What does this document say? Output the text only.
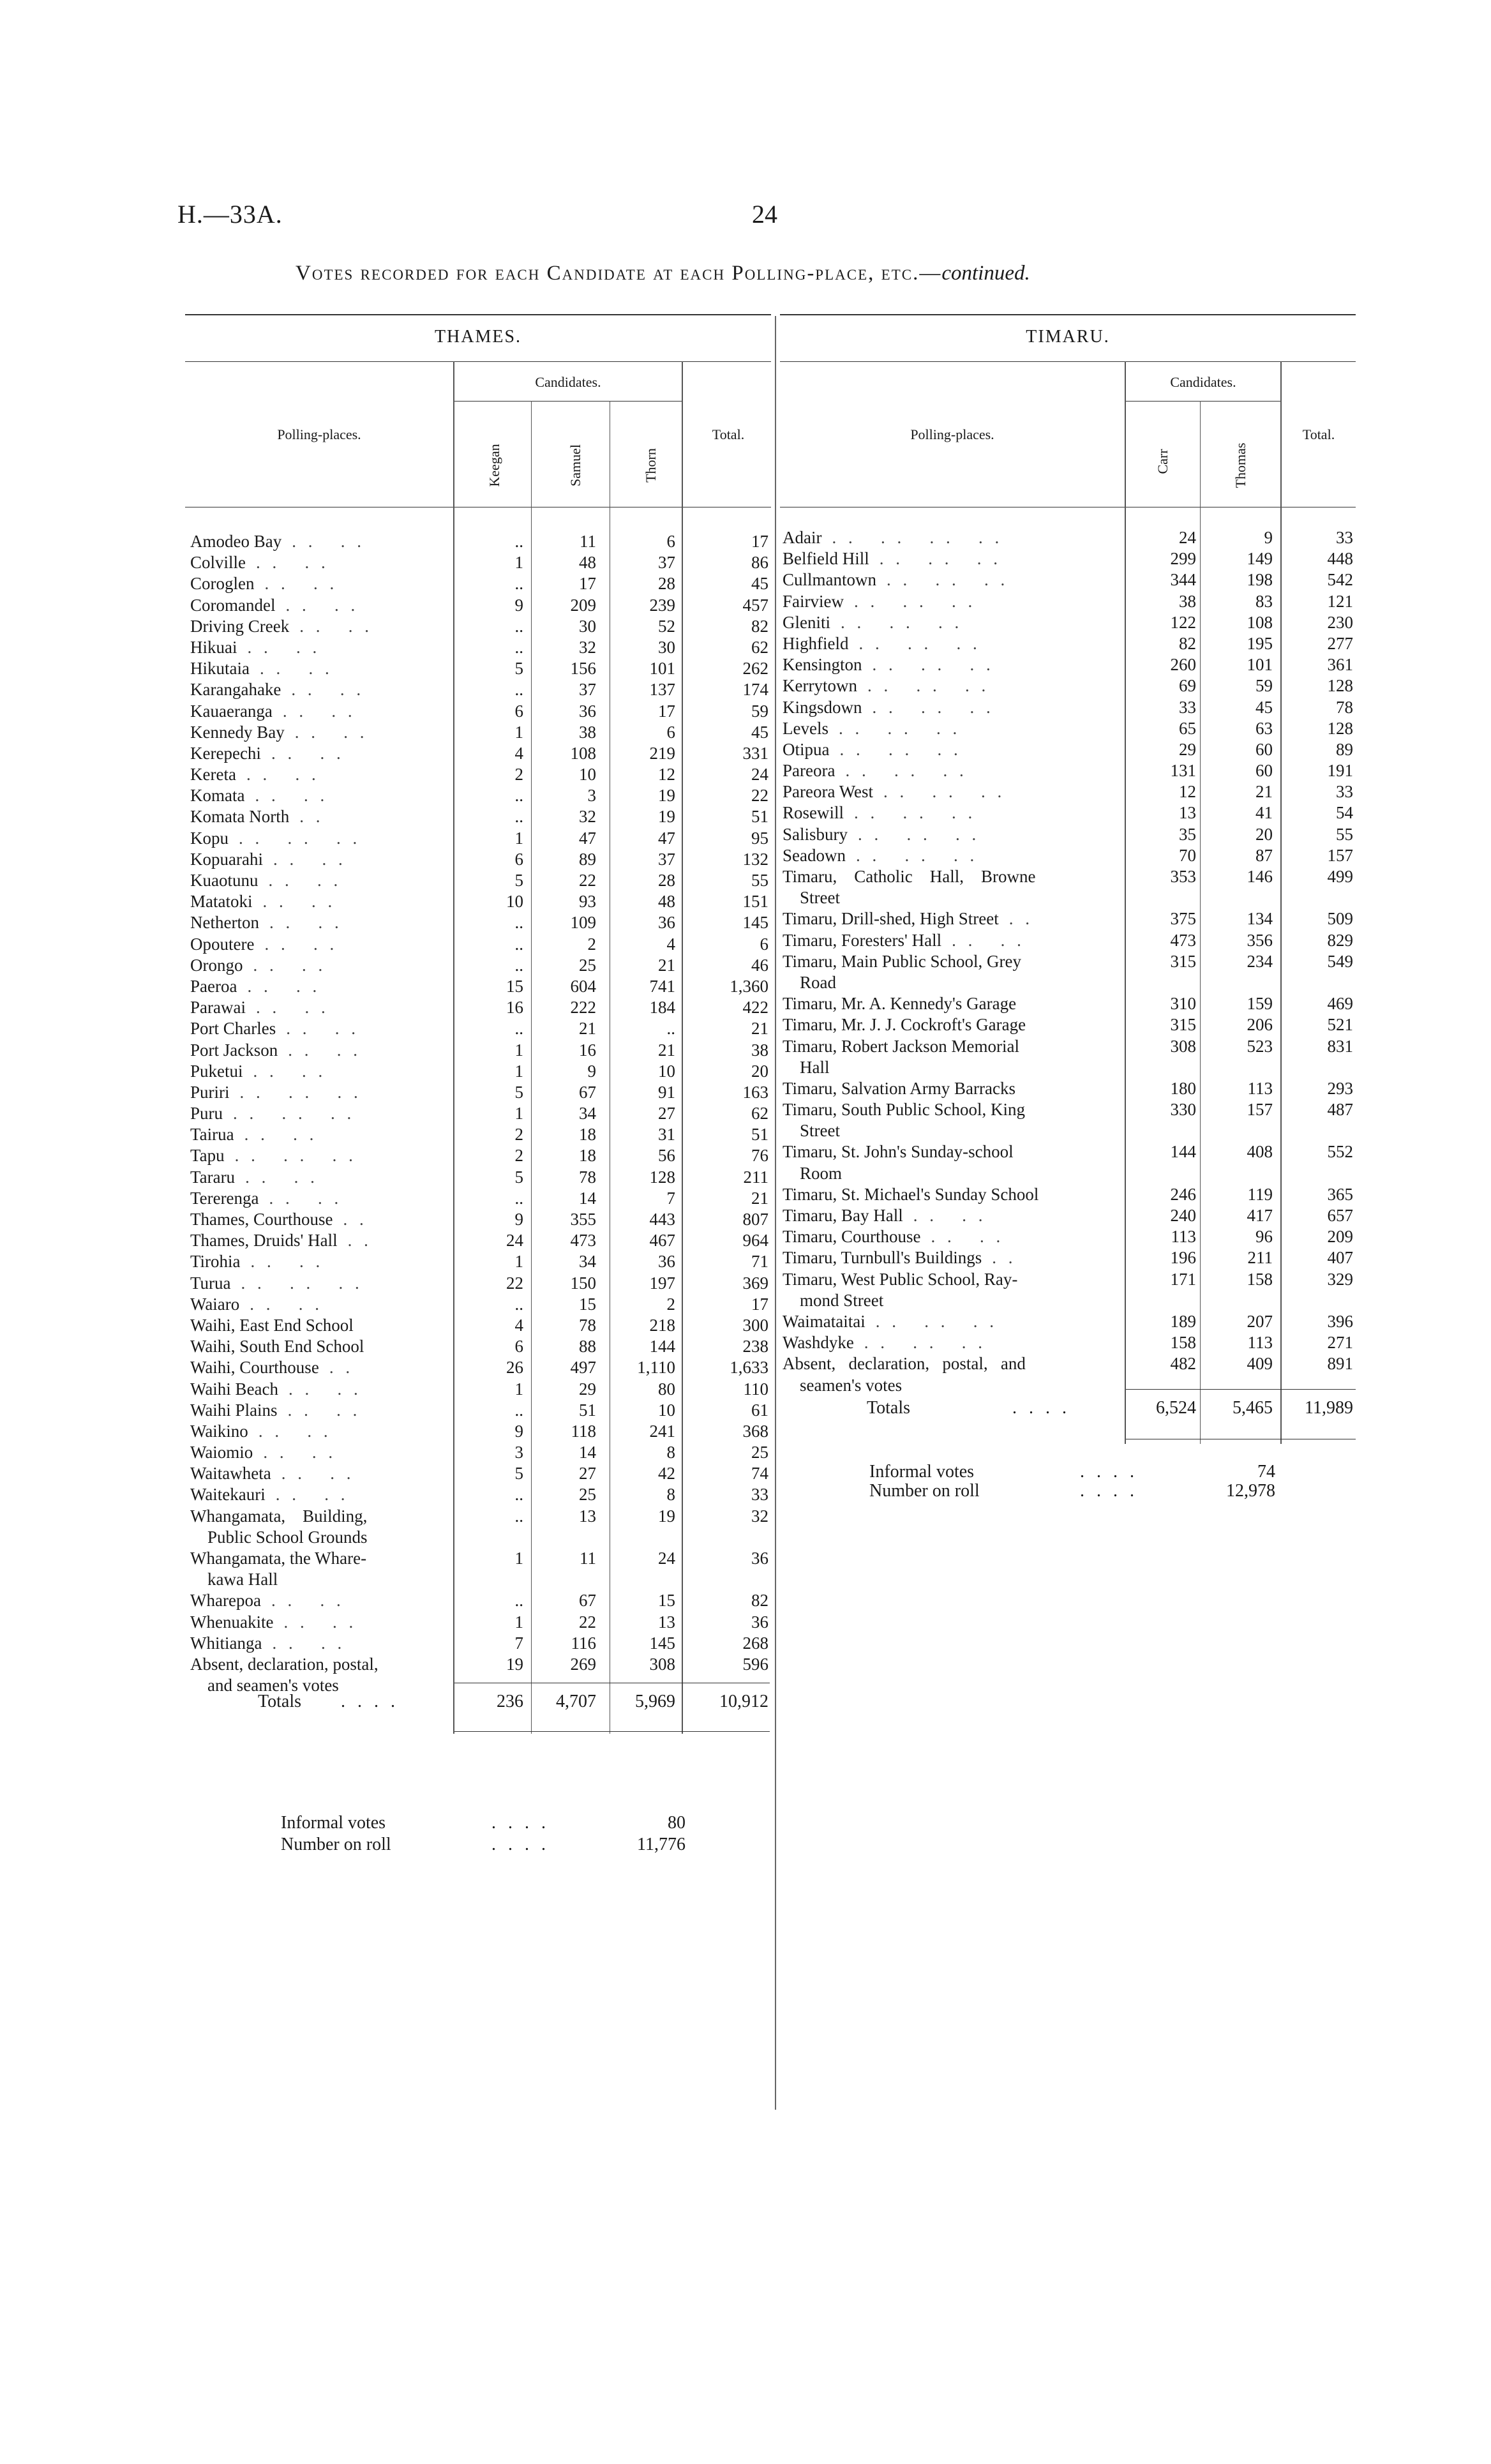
H.—33A.	24
Votes recorded for each Candidate at each Polling-place, etc.—continued.
THAMES.
Candidates.
Polling-places.	Total.
Keegan	Samuel	Thorn
Amodeo Bay . .   . .	..	11	6	17
Colville . .   . .	1	48	37	86
Coroglen . .   . .	..	17	28	45
Coromandel . .   . .	9	209	239	457
Driving Creek . .   . .	..	30	52	82
Hikuai . .   . .	..	32	30	62
Hikutaia . .   . .	5	156	101	262
Karangahake . .   . .	..	37	137	174
Kauaeranga . .   . .	6	36	17	59
Kennedy Bay . .   . .	1	38	6	45
Kerepechi . .   . .	4	108	219	331
Kereta . .   . .	2	10	12	24
Komata . .   . .	..	3	19	22
Komata North . .	..	32	19	51
Kopu . .   . .   . .	1	47	47	95
Kopuarahi . .   . .	6	89	37	132
Kuaotunu . .   . .	5	22	28	55
Matatoki . .   . .	10	93	48	151
Netherton . .   . .	..	109	36	145
Opoutere . .   . .	..	2	4	6
Orongo . .   . .	..	25	21	46
Paeroa . .   . .	15	604	741	1,360
Parawai . .   . .	16	222	184	422
Port Charles . .   . .	..	21	..	21
Port Jackson . .   . .	1	16	21	38
Puketui . .   . .	1	9	10	20
Puriri . .   . .   . .	5	67	91	163
Puru . .   . .   . .	1	34	27	62
Tairua . .   . .	2	18	31	51
Tapu . .   . .   . .	2	18	56	76
Tararu . .   . .	5	78	128	211
Tererenga . .   . .	..	14	7	21
Thames, Courthouse . .	9	355	443	807
Thames, Druids' Hall . .	24	473	467	964
Tirohia . .   . .	1	34	36	71
Turua . .   . .   . .	22	150	197	369
Waiaro . .   . .	..	15	2	17
Waihi, East End School	4	78	218	300
Waihi, South End School	6	88	144	238
Waihi, Courthouse . .	26	497 1,110	1,633
Waihi Beach . .   . .	1	29	80	110
Waihi Plains . .   . .	..	51	10	61
Waikino . .   . .	9	118	241	368
Waiomio . .   . .	3	14	8	25
Waitawheta . .   . .	5	27	42	74
Waitekauri . .   . .	..	25	8	33
Whangamata,    Building,	..	13	19	32
Public School Grounds
Whangamata, the Whare-	1	11	24	36
kawa Hall
Wharepoa . .   . .	..	67	15	82
Whenuakite . .   . .	1	22	13	36
Whitianga . .   . .	7	116	145	268
Absent, declaration, postal,	19	269	308	596
and seamen's votes
Totals . . . .	236 4,707 5,969 10,912
Informal votes	. . . .	80
Number on roll	. . . .	11,776
TIMARU.
Candidates.
Polling-places.	Total.
Carr	Thomas
Adair . .   . .   . .   . .	24	9	33
Belfield Hill . .   . .   . .	299	149	448
Cullmantown . .   . .   . .	344	198	542
Fairview . .   . .   . .	38	83	121
Gleniti . .   . .   . .	122	108	230
Highfield . .   . .   . .	82	195	277
Kensington . .   . .   . .	260	101	361
Kerrytown . .   . .   . .	69	59	128
Kingsdown . .   . .   . .	33	45	78
Levels . .   . .   . .	65	63	128
Otipua . .   . .   . .	29	60	89
Pareora . .   . .   . .	131	60	191
Pareora West . .   . .   . .	12	21	33
Rosewill . .   . .   . .	13	41	54
Salisbury . .   . .   . .	35	20	55
Seadown . .   . .   . .	70	87	157
Timaru,    Catholic    Hall,    Browne	353	146	499
Street
Timaru, Drill-shed, High Street . .	375	134	509
Timaru, Foresters' Hall . .   . .	473	356	829
Timaru, Main Public School, Grey	315	234	549
Road
Timaru, Mr. A. Kennedy's Garage	310	159	469
Timaru, Mr. J. J. Cockroft's Garage	315	206	521
Timaru, Robert Jackson Memorial	308	523	831
Hall
Timaru, Salvation Army Barracks	180	113	293
Timaru, South Public School, King	330	157	487
Street
Timaru, St. John's Sunday-school	144	408	552
Room
Timaru, St. Michael's Sunday School	246	119	365
Timaru, Bay Hall . .   . .	240	417	657
Timaru, Courthouse . .   . .	113	96	209
Timaru, Turnbull's Buildings . .	196	211	407
Timaru, West Public School, Ray-	171	158	329
mond Street
Waimataitai . .   . .   . .	189	207	396
Washdyke . .   . .   . .	158	113	271
Absent,   declaration,   postal,   and	482	409	891
seamen's votes
Totals	. . . .	6,524 5,465 11,989
Informal votes	. . . .	74
Number on roll	. . . .	12,978
